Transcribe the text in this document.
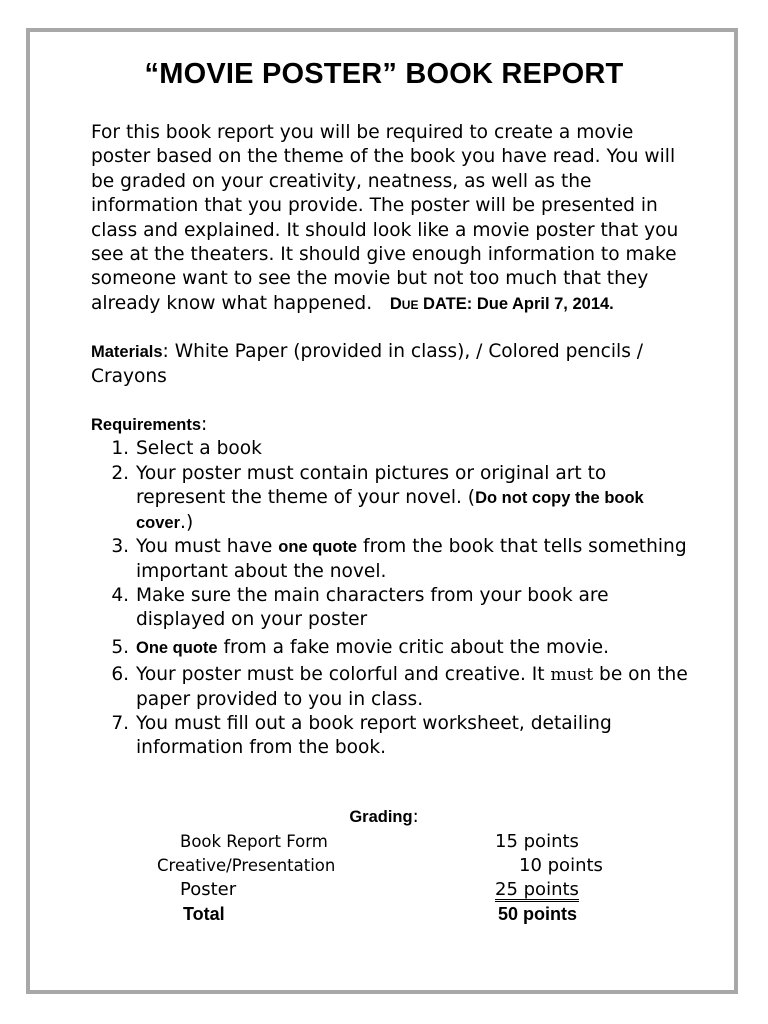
“MOVIE POSTER” BOOK REPORT

For this book report you will be required to create a movie poster based on the theme of the book you have read. You will be graded on your creativity, neatness, as well as the information that you provide. The poster will be presented in class and explained. It should look like a movie poster that you see at the theaters. It should give enough information to make someone want to see the movie but not too much that they already know what happened. Due DATE: Due April 7, 2014.

Materials: White Paper (provided in class), / Colored pencils / Crayons

Requirements:

1. Select a book
2. Your poster must contain pictures or original art to represent the theme of your novel. (Do not copy the book cover.)
3. You must have one quote from the book that tells something important about the novel.
4. Make sure the main characters from your book are displayed on your poster
5. One quote from a fake movie critic about the movie.
6. Your poster must be colorful and creative. It must be on the paper provided to you in class.
7. You must fill out a book report worksheet, detailing information from the book.
Grading:
Book Report Form	15 points
Creative/Presentation	10 points
Poster	25 points
Total	50 points
